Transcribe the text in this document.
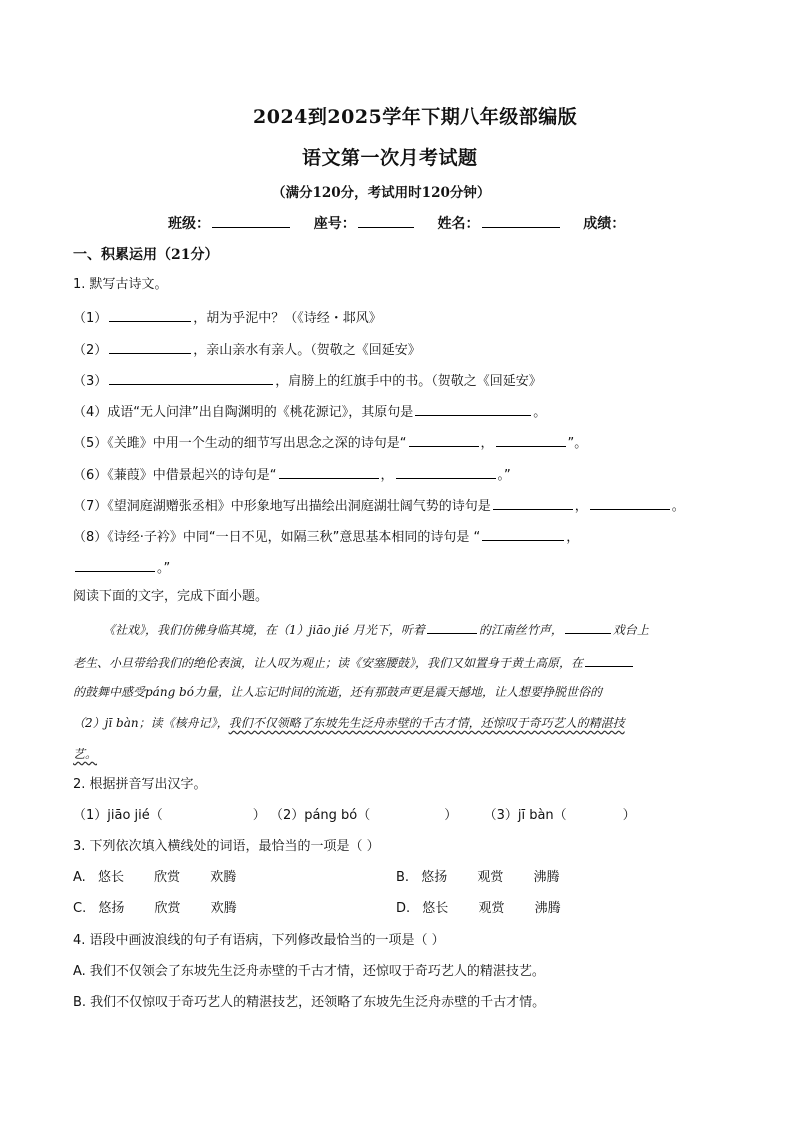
2024到2025学年下期八年级部编版
语文第一次月考试题
（满分120分，考试用时120分钟）
班级：	座号：	姓名：	成绩：
一、积累运用（21分）
1. 默写古诗文。
（1）	，胡为乎泥中？（《诗经・邶风》
（2）	，亲山亲水有亲人。（贺敬之《回延安》
（3）	，肩膀上的红旗手中的书。（贺敬之《回延安》
（4）成语“无人问津”出自陶渊明的《桃花源记》，其原句是	。
（5）《关雎》中用一个生动的细节写出思念之深的诗句是“	，	”。
（6）《蒹葭》中借景起兴的诗句是“	，	。”
（7）《望洞庭湖赠张丞相》中形象地写出描绘出洞庭湖壮阔气势的诗句是	，	。
（8）《诗经·子衿》中同“一日不见，如隔三秋”意思基本相同的诗句是 “	，
。”
阅读下面的文字，完成下面小题。
《社戏》，我们仿佛身临其境，在（1）jiāo jié 月光下，听着	的江南丝竹声，	戏台上
老生、小旦带给我们的绝伦表演，让人叹为观止；读《安塞腰鼓》，我们又如置身于黄土高原，在
的鼓舞中感受páng bó力量，让人忘记时间的流逝，还有那鼓声更是震天撼地，让人想要挣脱世俗的
（2）jī bàn；读《核舟记》，我们不仅领略了东坡先生泛舟赤壁的千古才情，还惊叹于奇巧艺人的精湛技
艺。
2. 根据拼音写出汉字。
（1）jiāo jié（	） （2）páng bó（	） （3）jī bàn（	）
3. 下列依次填入横线处的词语，最恰当的一项是（ ）
A. 悠长 欣赏 欢腾	B. 悠扬 观赏 沸腾
C. 悠扬 欣赏 欢腾	D. 悠长 观赏 沸腾
4. 语段中画波浪线的句子有语病，下列修改最恰当的一项是（ ）
A. 我们不仅领会了东坡先生泛舟赤壁的千古才情，还惊叹于奇巧艺人的精湛技艺。
B. 我们不仅惊叹于奇巧艺人的精湛技艺，还领略了东坡先生泛舟赤壁的千古才情。
